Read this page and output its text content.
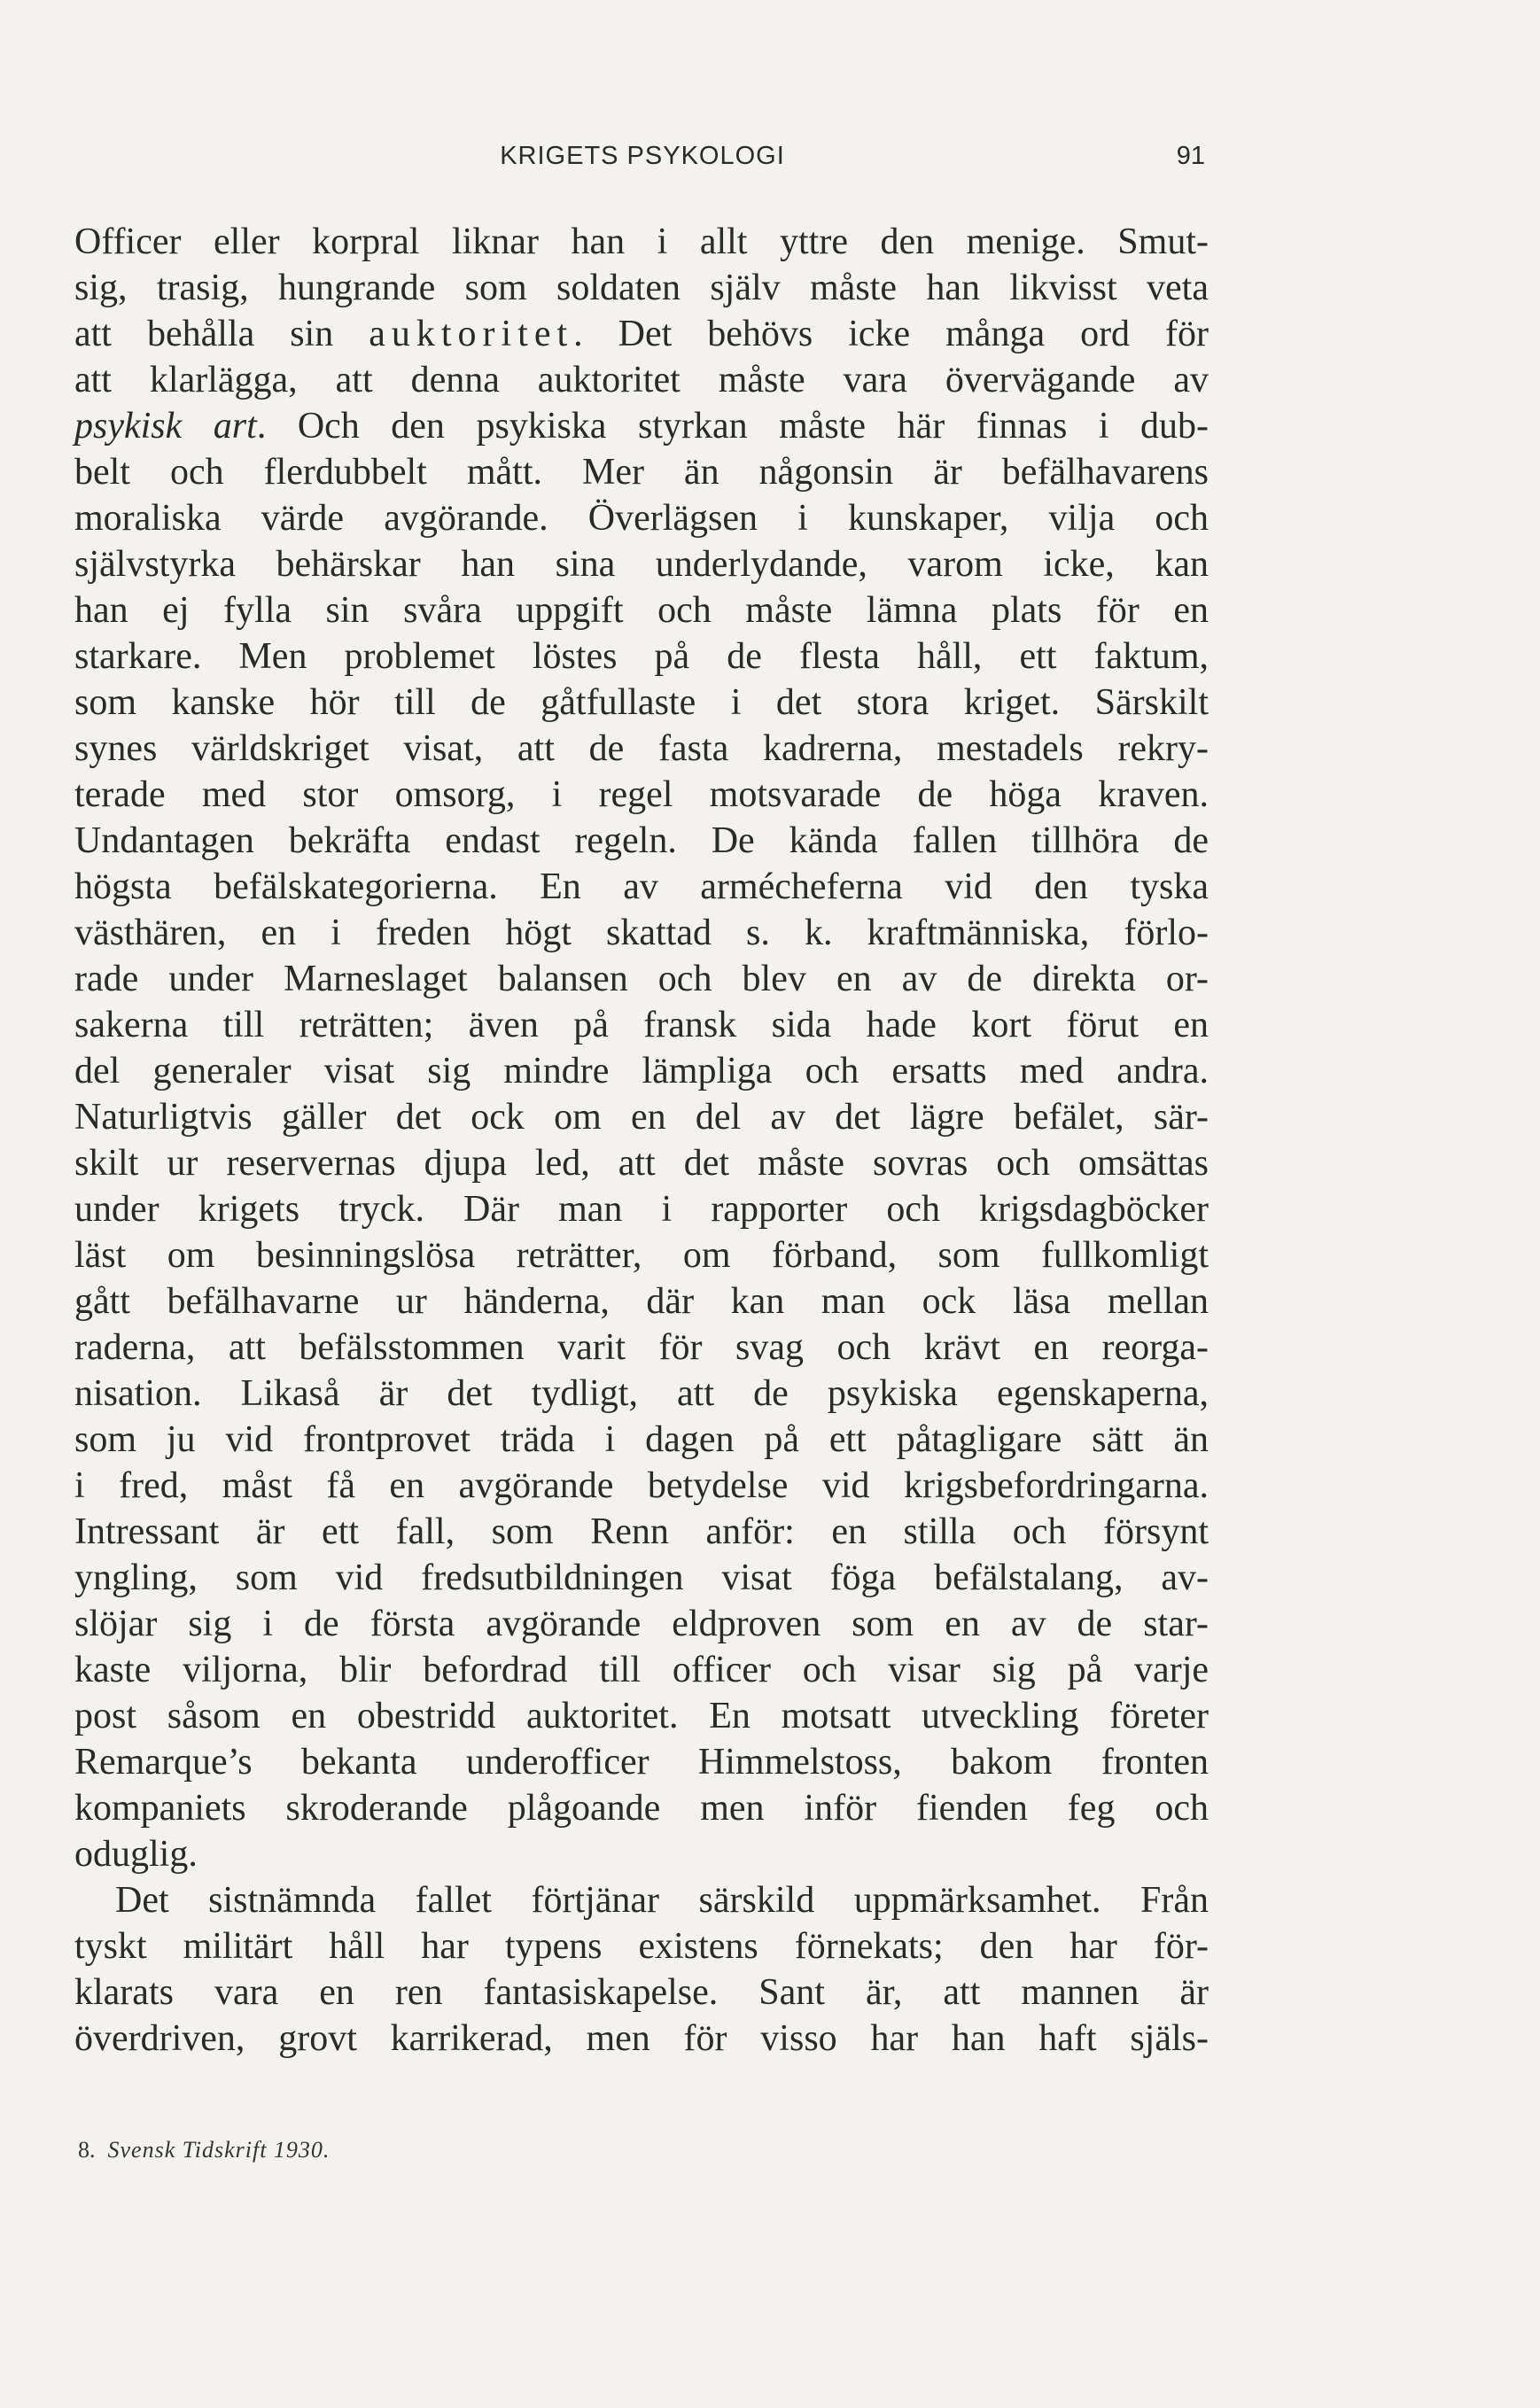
KRIGETS PSYKOLOGI	91
Officer eller korpral liknar han i allt yttre den menige. Smut-
sig, trasig, hungrande som soldaten själv måste han likvisst veta
att behålla sin auktoritet. Det behövs icke många ord för
att klarlägga, att denna auktoritet måste vara övervägande av
psykisk art. Och den psykiska styrkan måste här finnas i dub-
belt och flerdubbelt mått. Mer än någonsin är befälhavarens
moraliska värde avgörande. Överlägsen i kunskaper, vilja och
självstyrka behärskar han sina underlydande, varom icke, kan
han ej fylla sin svåra uppgift och måste lämna plats för en
starkare. Men problemet löstes på de flesta håll, ett faktum,
som kanske hör till de gåtfullaste i det stora kriget. Särskilt
synes världskriget visat, att de fasta kadrerna, mestadels rekry-
terade med stor omsorg, i regel motsvarade de höga kraven.
Undantagen bekräfta endast regeln. De kända fallen tillhöra de
högsta befälskategorierna. En av armécheferna vid den tyska
västhären, en i freden högt skattad s. k. kraftmänniska, förlo-
rade under Marneslaget balansen och blev en av de direkta or-
sakerna till reträtten; även på fransk sida hade kort förut en
del generaler visat sig mindre lämpliga och ersatts med andra.
Naturligtvis gäller det ock om en del av det lägre befälet, sär-
skilt ur reservernas djupa led, att det måste sovras och omsättas
under krigets tryck. Där man i rapporter och krigsdagböcker
läst om besinningslösa reträtter, om förband, som fullkomligt
gått befälhavarne ur händerna, där kan man ock läsa mellan
raderna, att befälsstommen varit för svag och krävt en reorga-
nisation. Likaså är det tydligt, att de psykiska egenskaperna,
som ju vid frontprovet träda i dagen på ett påtagligare sätt än
i fred, måst få en avgörande betydelse vid krigsbefordringarna.
Intressant är ett fall, som Renn anför: en stilla och försynt
yngling, som vid fredsutbildningen visat föga befälstalang, av-
slöjar sig i de första avgörande eldproven som en av de star-
kaste viljorna, blir befordrad till officer och visar sig på varje
post såsom en obestridd auktoritet. En motsatt utveckling företer
Remarque’s bekanta underofficer Himmelstoss, bakom fronten
kompaniets skroderande plågoande men inför fienden feg och
oduglig.
Det sistnämnda fallet förtjänar särskild uppmärksamhet. Från
tyskt militärt håll har typens existens förnekats; den har för-
klarats vara en ren fantasiskapelse. Sant är, att mannen är
överdriven, grovt karrikerad, men för visso har han haft själs-
8. Svensk Tidskrift 1930.
